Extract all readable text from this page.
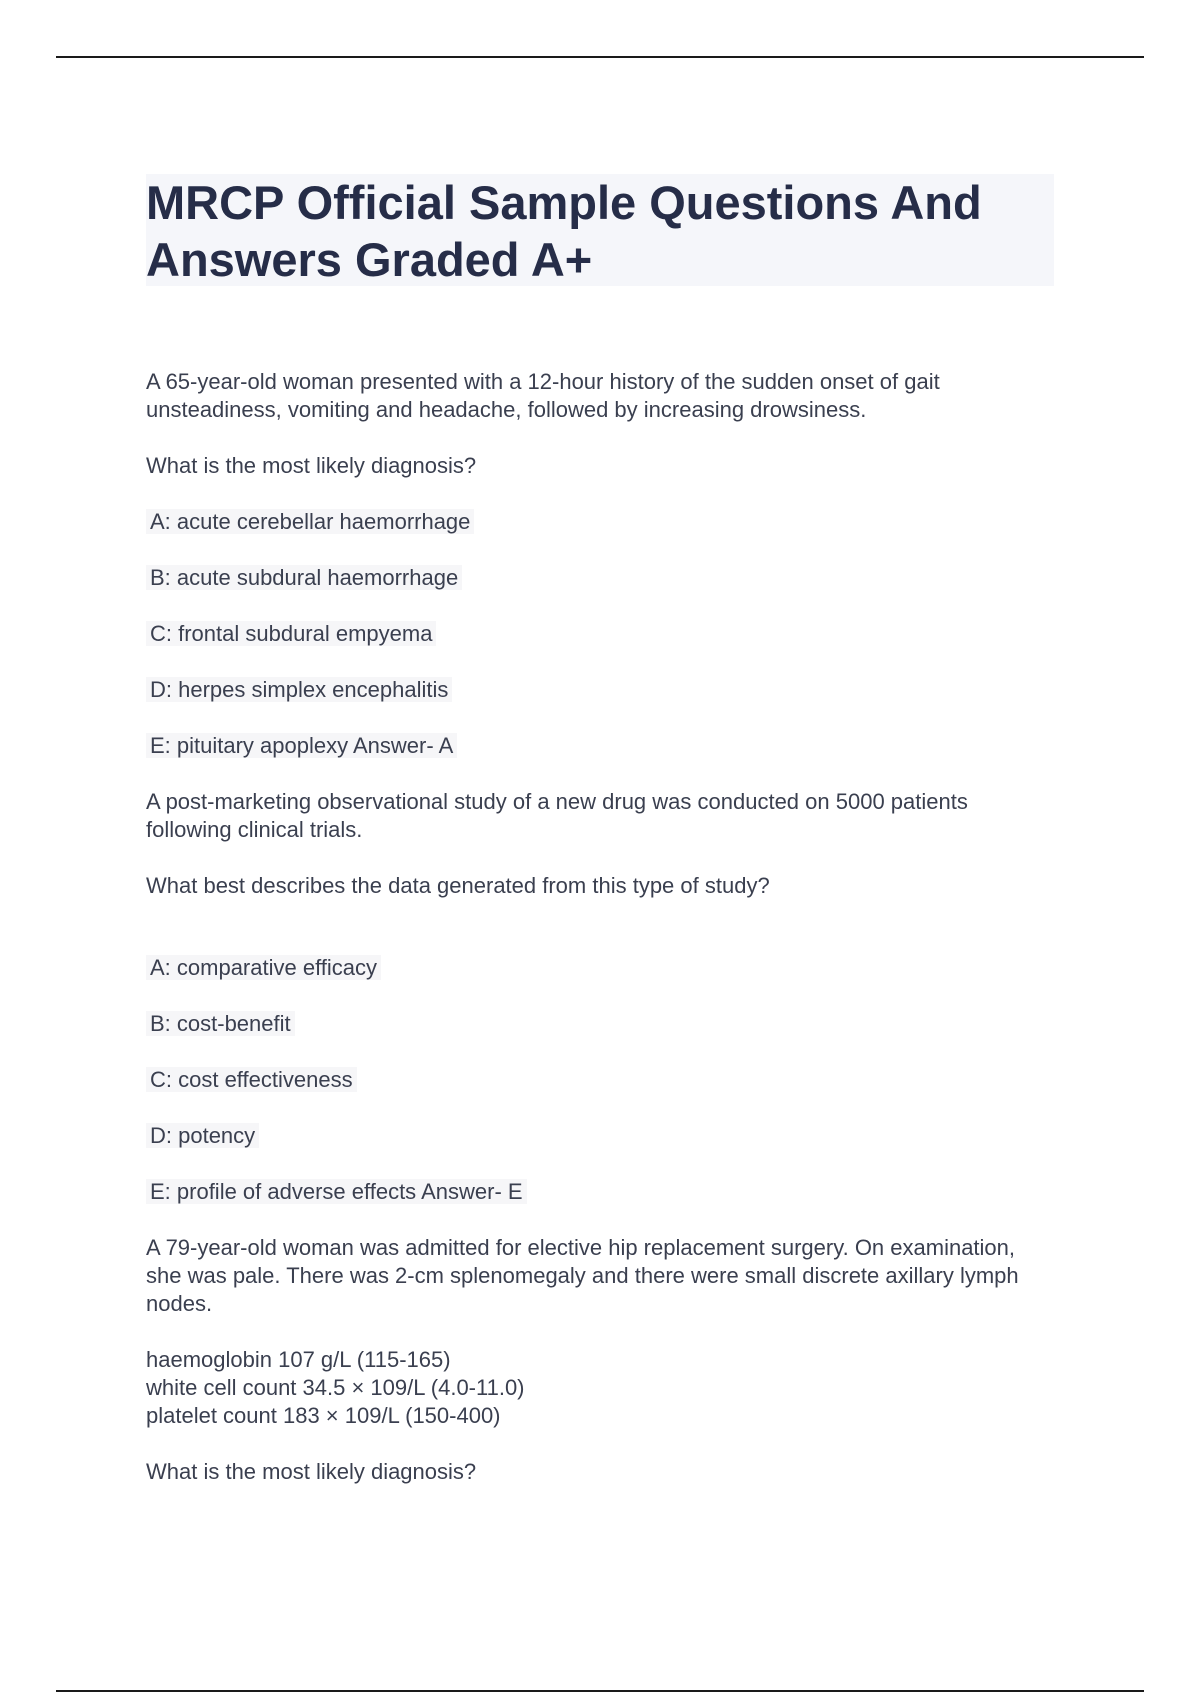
MRCP Official Sample Questions And Answers Graded A+

A 65-year-old woman presented with a 12-hour history of the sudden onset of gait unsteadiness, vomiting and headache, followed by increasing drowsiness.

What is the most likely diagnosis?

A: acute cerebellar haemorrhage
B: acute subdural haemorrhage
C: frontal subdural empyema
D: herpes simplex encephalitis
E: pituitary apoplexy Answer- A

A post-marketing observational study of a new drug was conducted on 5000 patients following clinical trials.

What best describes the data generated from this type of study?

A: comparative efficacy
B: cost-benefit
C: cost effectiveness
D: potency
E: profile of adverse effects Answer- E

A 79-year-old woman was admitted for elective hip replacement surgery. On examination, she was pale. There was 2-cm splenomegaly and there were small discrete axillary lymph nodes.

haemoglobin 107 g/L (115-165)
white cell count 34.5 × 109/L (4.0-11.0)
platelet count 183 × 109/L (150-400)

What is the most likely diagnosis?
